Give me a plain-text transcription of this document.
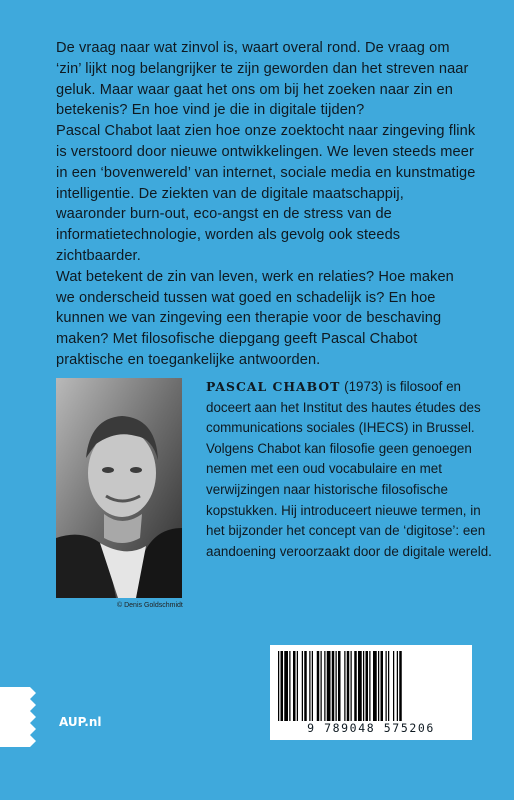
De vraag naar wat zinvol is, waart overal rond. De vraag om ‘zin’ lijkt nog belangrijker te zijn geworden dan het streven naar geluk. Maar waar gaat het ons om bij het zoeken naar zin en betekenis? En hoe vind je die in digitale tijden?

Pascal Chabot laat zien hoe onze zoektocht naar zingeving flink is verstoord door nieuwe ontwikkelingen. We leven steeds meer in een ‘bovenwereld’ van internet, sociale media en kunstmatige intelligentie. De ziekten van de digitale maatschappij, waaronder burn-out, eco-angst en de stress van de informatietechnologie, worden als gevolg ook steeds zichtbaarder.

Wat betekent de zin van leven, werk en relaties? Hoe maken we onderscheid tussen wat goed en schadelijk is? En hoe kunnen we van zingeving een therapie voor de beschaving maken? Met filosofische diepgang geeft Pascal Chabot praktische en toegankelijke antwoorden.

© Denis Goldschmidt
PASCAL CHABOT (1973) is filosoof en doceert aan het Institut des hautes études des communications sociales (IHECS) in Brussel. Volgens Chabot kan filosofie geen genoegen nemen met een oud vocabulaire en met verwijzingen naar historische filosofische kopstukken. Hij introduceert nieuwe termen, in het bijzonder het concept van de ‘digitose’: een aandoening veroorzaakt door de digitale wereld.
9 789048 575206
AUP.nl
